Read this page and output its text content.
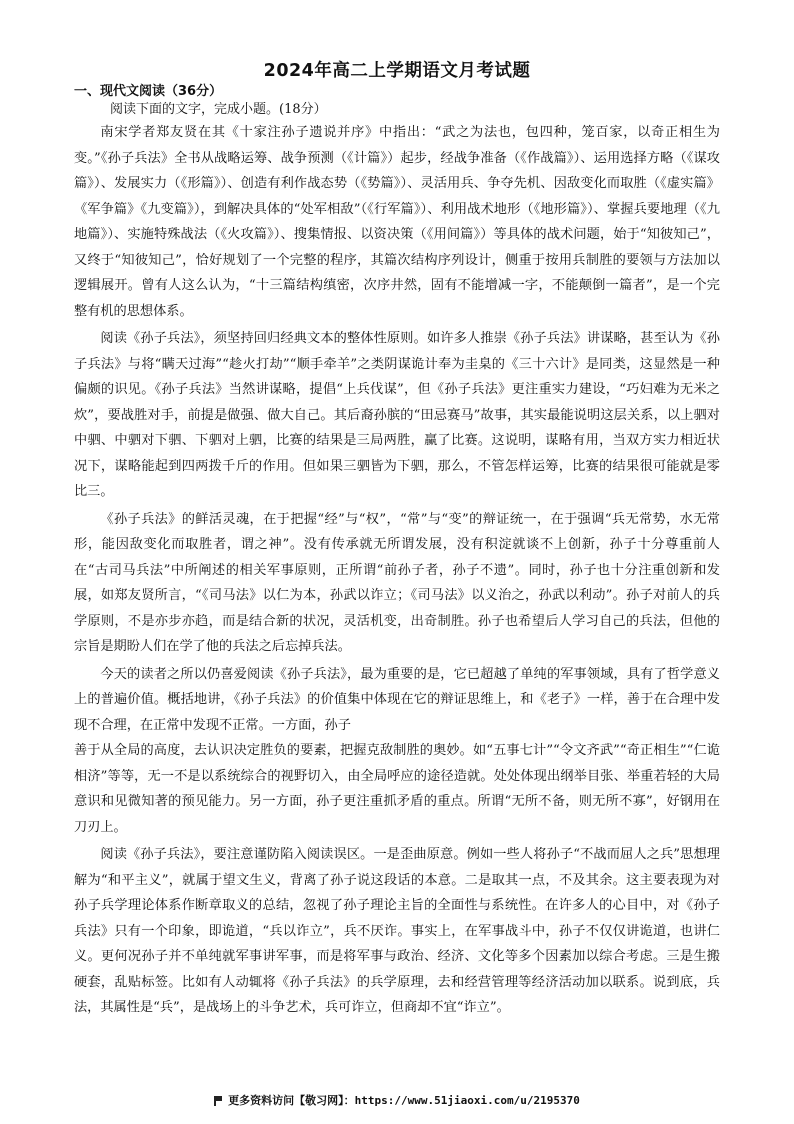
2024年高二上学期语文月考试题
一、现代文阅读（36分）
阅读下面的文字，完成小题。(18分）

南宋学者郑友贤在其《十家注孙子遗说并序》中指出：“武之为法也，包四种，笼百家，以奇正相生为变。”《孙子兵法》全书从战略运筹、战争预测（《计篇》）起步，经战争准备（《作战篇》）、运用选择方略（《谋攻篇》）、发展实力（《形篇》）、创造有利作战态势（《势篇》）、灵活用兵、争夺先机、因敌变化而取胜（《虚实篇》《军争篇》《九变篇》），到解决具体的“处军相敌”（《行军篇》）、利用战术地形（《地形篇》）、掌握兵要地理（《九地篇》）、实施特殊战法（《火攻篇》）、搜集情报、以资决策（《用间篇》）等具体的战术问题，始于“知彼知己”，又终于“知彼知己”，恰好规划了一个完整的程序，其篇次结构序列设计，侧重于按用兵制胜的要领与方法加以逻辑展开。曾有人这么认为，“十三篇结构缜密，次序井然，固有不能增减一字，不能颠倒一篇者”，是一个完整有机的思想体系。

阅读《孙子兵法》，须坚持回归经典文本的整体性原则。如许多人推崇《孙子兵法》讲谋略，甚至认为《孙子兵法》与将“瞒天过海”“趁火打劫”“顺手牵羊”之类阴谋诡计奉为圭臬的《三十六计》是同类，这显然是一种偏颇的识见。《孙子兵法》当然讲谋略，提倡“上兵伐谋”，但《孙子兵法》更注重实力建设，“巧妇难为无米之炊”，要战胜对手，前提是做强、做大自己。其后裔孙膑的“田忌赛马”故事，其实最能说明这层关系，以上驷对中驷、中驷对下驷、下驷对上驷，比赛的结果是三局两胜，赢了比赛。这说明，谋略有用，当双方实力相近状况下，谋略能起到四两拨千斤的作用。但如果三驷皆为下驷，那么，不管怎样运筹，比赛的结果很可能就是零比三。

《孙子兵法》的鲜活灵魂，在于把握“经”与“权”，“常”与“变”的辩证统一，在于强调“兵无常势，水无常形，能因敌变化而取胜者，谓之神”。没有传承就无所谓发展，没有积淀就谈不上创新，孙子十分尊重前人在“古司马兵法”中所阐述的相关军事原则，正所谓“前孙子者，孙子不遗”。同时，孙子也十分注重创新和发展，如郑友贤所言，“《司马法》以仁为本，孙武以诈立；《司马法》以义治之，孙武以利动”。孙子对前人的兵学原则，不是亦步亦趋，而是结合新的状况，灵活机变，出奇制胜。孙子也希望后人学习自己的兵法，但他的宗旨是期盼人们在学了他的兵法之后忘掉兵法。

今天的读者之所以仍喜爱阅读《孙子兵法》，最为重要的是，它已超越了单纯的军事领域，具有了哲学意义上的普遍价值。概括地讲，《孙子兵法》的价值集中体现在它的辩证思维上，和《老子》一样，善于在合理中发现不合理，在正常中发现不正常。一方面，孙子

善于从全局的高度，去认识决定胜负的要素，把握克敌制胜的奥妙。如“五事七计”“令文齐武”“奇正相生”“仁诡相济”等等，无一不是以系统综合的视野切入，由全局呼应的途径造就。处处体现出纲举目张、举重若轻的大局意识和见微知著的预见能力。另一方面，孙子更注重抓矛盾的重点。所谓“无所不备，则无所不寡”，好钢用在刀刃上。

阅读《孙子兵法》，要注意谨防陷入阅读误区。一是歪曲原意。例如一些人将孙子“不战而屈人之兵”思想理解为“和平主义”，就属于望文生义，背离了孙子说这段话的本意。二是取其一点，不及其余。这主要表现为对孙子兵学理论体系作断章取义的总结，忽视了孙子理论主旨的全面性与系统性。在许多人的心目中，对《孙子兵法》只有一个印象，即诡道，“兵以诈立”，兵不厌诈。事实上，在军事战斗中，孙子不仅仅讲诡道，也讲仁义。更何况孙子并不单纯就军事讲军事，而是将军事与政治、经济、文化等多个因素加以综合考虑。三是生搬硬套，乱贴标签。比如有人动辄将《孙子兵法》的兵学原理，去和经营管理等经济活动加以联系。说到底，兵法，其属性是“兵”，是战场上的斗争艺术，兵可诈立，但商却不宜“诈立”。

更多资料访问【敬习网】：https://www.51jiaoxi.com/u/2195370
